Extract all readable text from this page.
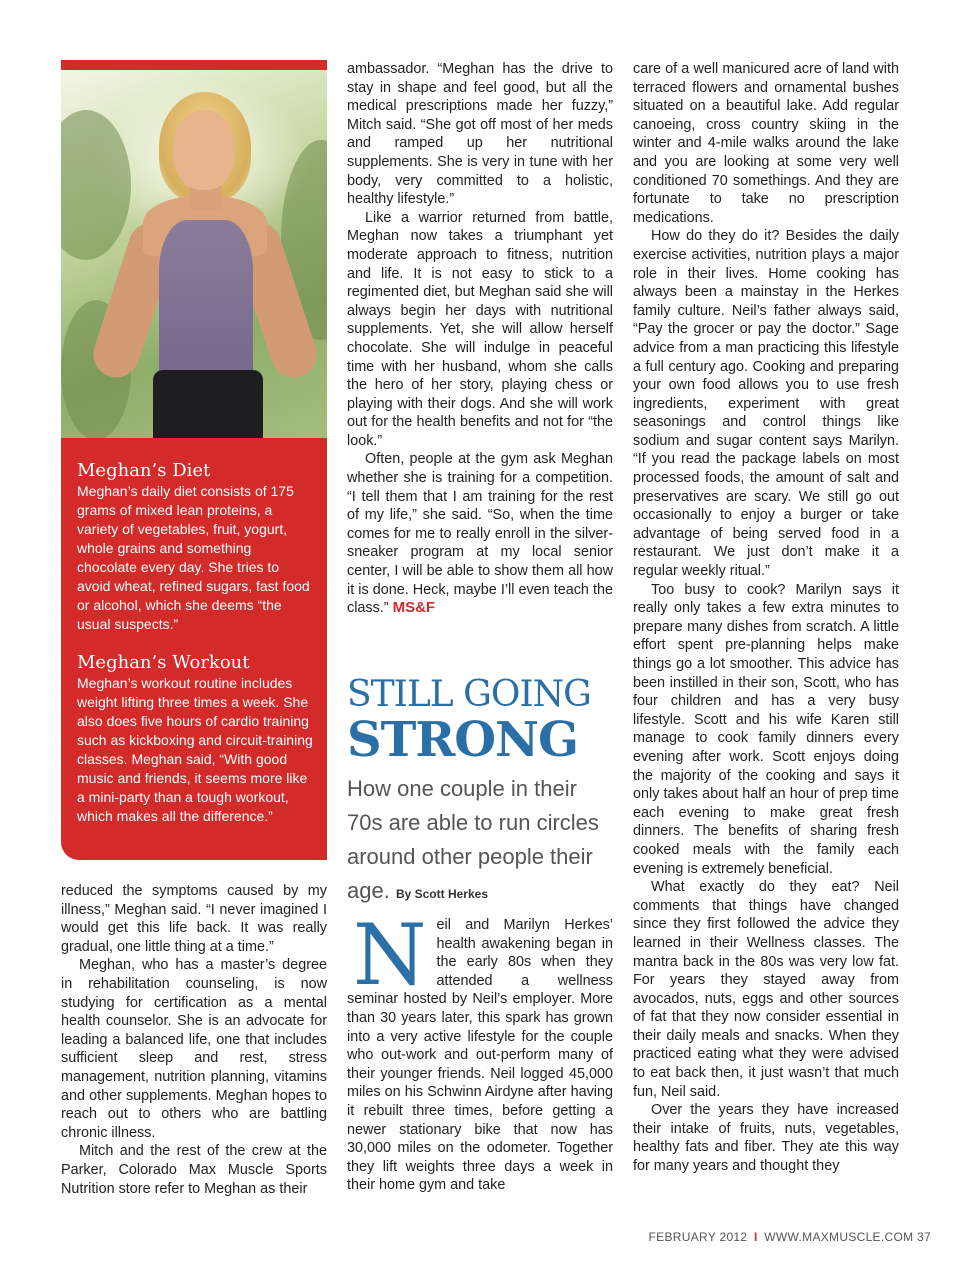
Meghan’s Diet

Meghan’s daily diet consists of 175 grams of mixed lean proteins, a variety of vegetables, fruit, yogurt, whole grains and something chocolate every day. She tries to avoid wheat, refined sugars, fast food or alcohol, which she deems “the usual suspects.”

Meghan’s Workout

Meghan’s workout routine includes weight lifting three times a week. She also does five hours of cardio training such as kickboxing and circuit-training classes. Meghan said, “With good music and friends, it seems more like a mini-party than a tough workout, which makes all the difference.”

reduced the symptoms caused by my illness,” Meghan said. “I never imagined I would get this life back. It was really gradual, one little thing at a time.”

Meghan, who has a master’s degree in rehabilitation counseling, is now studying for certification as a mental health counselor. She is an advocate for leading a balanced life, one that includes sufficient sleep and rest, stress management, nutrition planning, vitamins and other supplements. Meghan hopes to reach out to others who are battling chronic illness.

Mitch and the rest of the crew at the Parker, Colorado Max Muscle Sports Nutrition store refer to Meghan as their

ambassador. “Meghan has the drive to stay in shape and feel good, but all the medical prescriptions made her fuzzy,” Mitch said. “She got off most of her meds and ramped up her nutritional supplements. She is very in tune with her body, very committed to a holistic, healthy lifestyle.”

Like a warrior returned from battle, Meghan now takes a triumphant yet moderate approach to fitness, nutrition and life. It is not easy to stick to a regimented diet, but Meghan said she will always begin her days with nutritional supplements. Yet, she will allow herself chocolate. She will indulge in peaceful time with her husband, whom she calls the hero of her story, playing chess or playing with their dogs. And she will work out for the health benefits and not for “the look.”

Often, people at the gym ask Meghan whether she is training for a competition. “I tell them that I am training for the rest of my life,” she said. “So, when the time comes for me to really enroll in the silver-sneaker program at my local senior center, I will be able to show them all how it is done. Heck, maybe I’ll even teach the class.” MS&F

STILL GOING
STRONG
How one couple in their 70s are able to run circles around other people their age. By Scott Herkes

Neil and Marilyn Herkes’ health awakening began in the early 80s when they attended a wellness seminar hosted by Neil’s employer. More than 30 years later, this spark has grown into a very active lifestyle for the couple who out-work and out-perform many of their younger friends. Neil logged 45,000 miles on his Schwinn Airdyne after having it rebuilt three times, before getting a newer stationary bike that now has 30,000 miles on the odometer. Together they lift weights three days a week in their home gym and take

care of a well manicured acre of land with terraced flowers and ornamental bushes situated on a beautiful lake. Add regular canoeing, cross country skiing in the winter and 4-mile walks around the lake and you are looking at some very well conditioned 70 somethings. And they are fortunate to take no prescription medications.

How do they do it? Besides the daily exercise activities, nutrition plays a major role in their lives. Home cooking has always been a mainstay in the Herkes family culture. Neil’s father always said, “Pay the grocer or pay the doctor.” Sage advice from a man practicing this lifestyle a full century ago. Cooking and preparing your own food allows you to use fresh ingredients, experiment with great seasonings and control things like sodium and sugar content says Marilyn. “If you read the package labels on most processed foods, the amount of salt and preservatives are scary. We still go out occasionally to enjoy a burger or take advantage of being served food in a restaurant. We just don’t make it a regular weekly ritual.”

Too busy to cook? Marilyn says it really only takes a few extra minutes to prepare many dishes from scratch. A little effort spent pre-planning helps make things go a lot smoother. This advice has been instilled in their son, Scott, who has four children and has a very busy lifestyle. Scott and his wife Karen still manage to cook family dinners every evening after work. Scott enjoys doing the majority of the cooking and says it only takes about half an hour of prep time each evening to make great fresh dinners. The benefits of sharing fresh cooked meals with the family each evening is extremely beneficial.

What exactly do they eat? Neil comments that things have changed since they first followed the advice they learned in their Wellness classes. The mantra back in the 80s was very low fat. For years they stayed away from avocados, nuts, eggs and other sources of fat that they now consider essential in their daily meals and snacks. When they practiced eating what they were advised to eat back then, it just wasn’t that much fun, Neil said.

Over the years they have increased their intake of fruits, nuts, vegetables, healthy fats and fiber. They ate this way for many years and thought they

FEBRUARY 2012 I WWW.MAXMUSCLE.COM 37
